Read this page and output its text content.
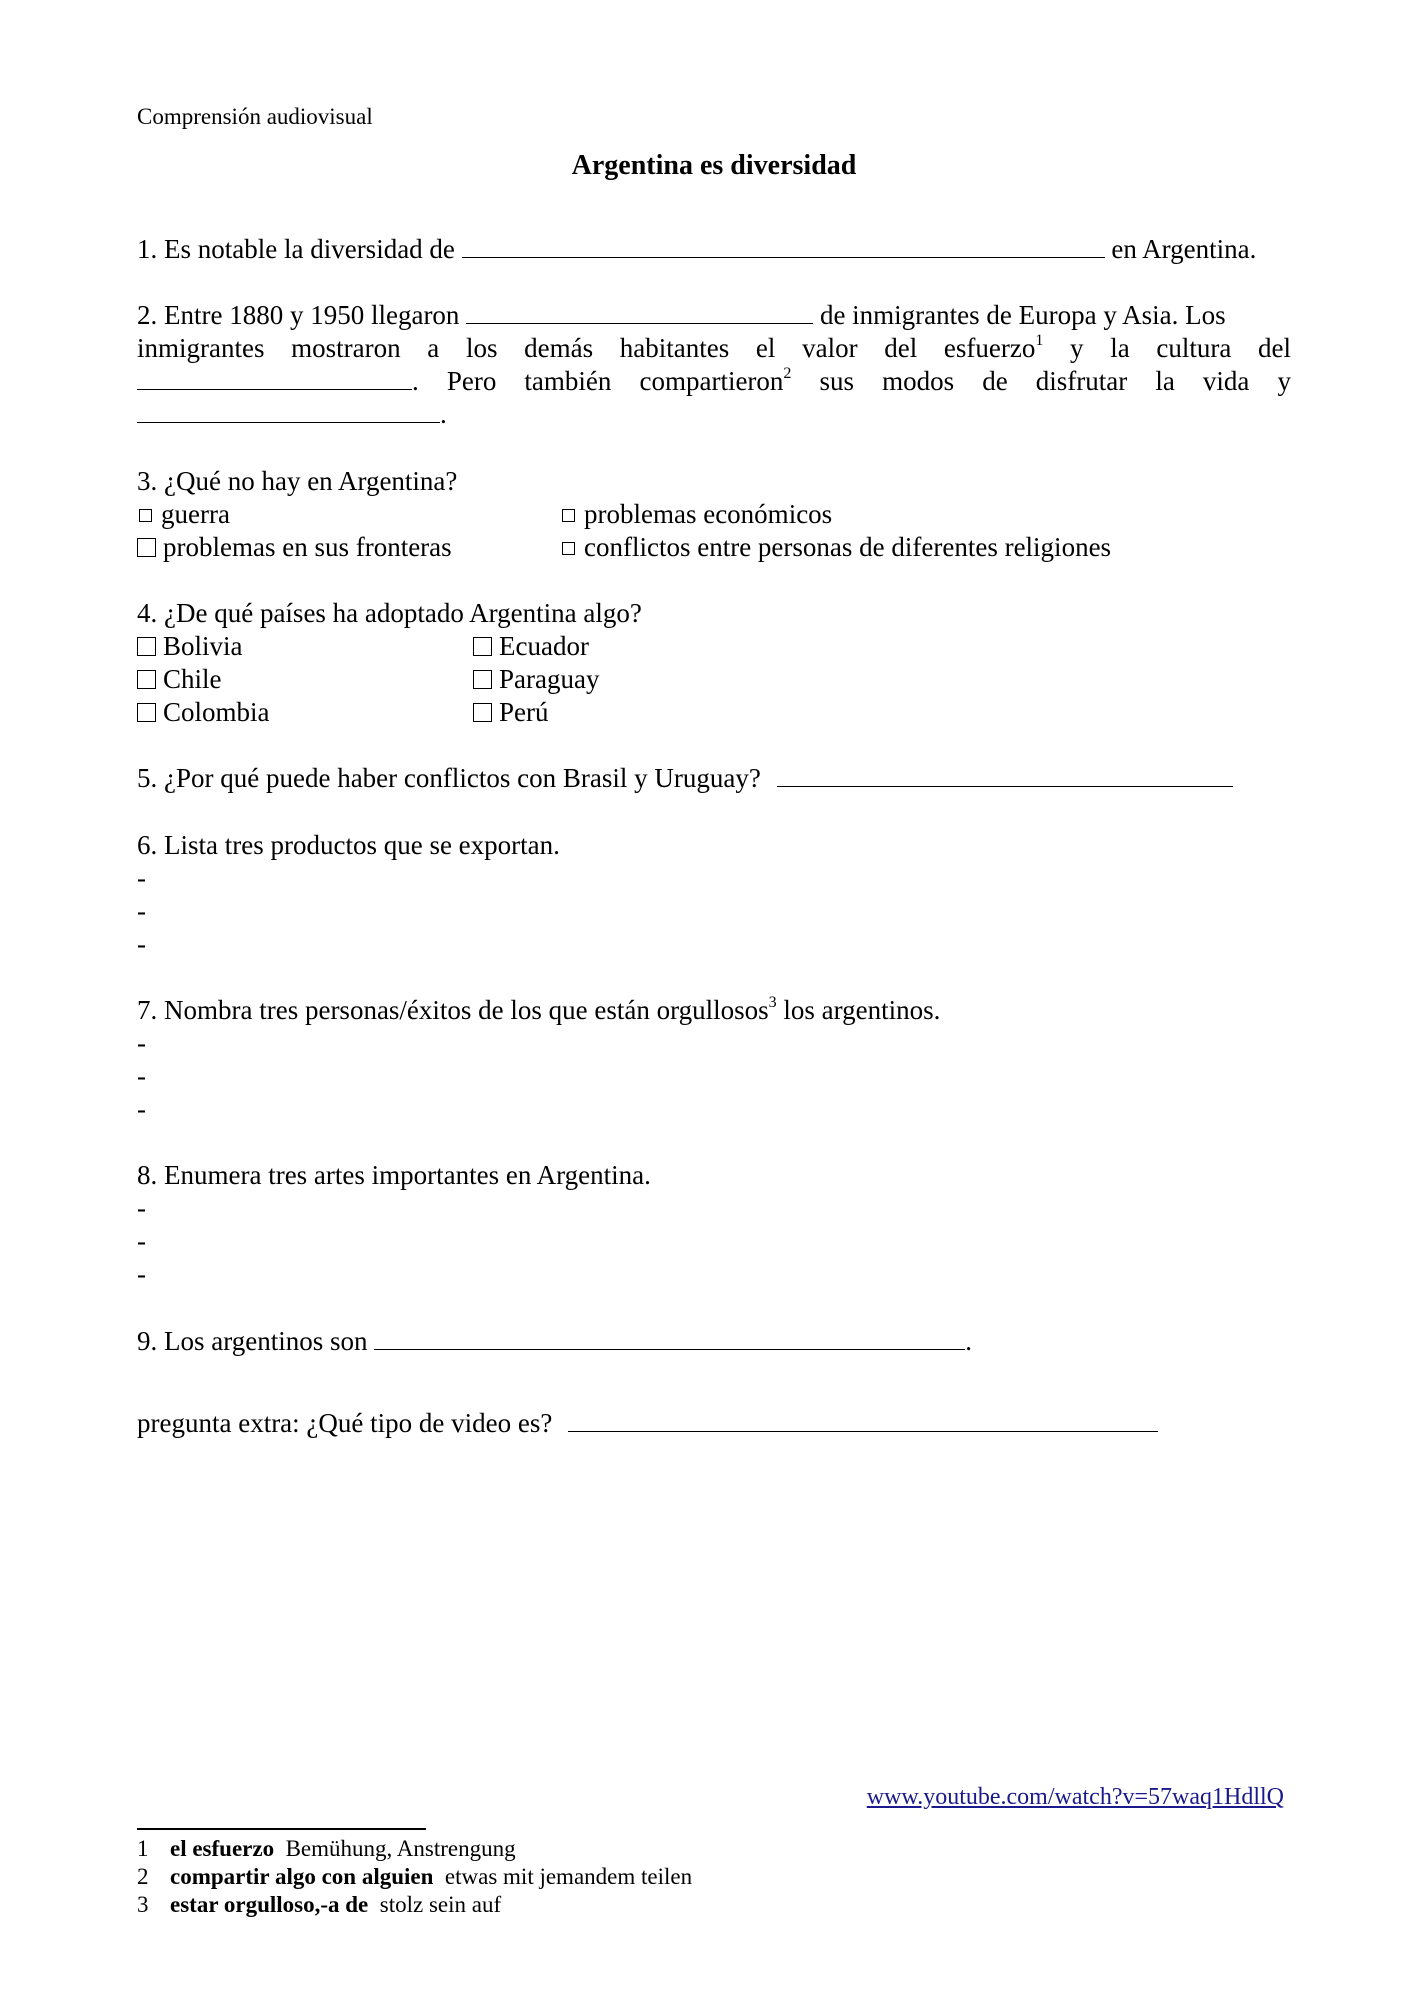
Comprensión audiovisual
Argentina es diversidad
1. Es notable la diversidad de	en Argentina.
2. Entre 1880 y 1950 llegaron	de inmigrantes de Europa y Asia. Los
inmigrantes mostraron a los demás habitantes el valor del esfuerzo$^1$ y la cultura del
. Pero también compartieron$^2$ sus modos de disfrutar la vida y
.
3. ¿Qué no hay en Argentina?
guerra	problemas económicos
problemas en sus fronteras	conflictos entre personas de diferentes religiones
4. ¿De qué países ha adoptado Argentina algo?
Bolivia	Ecuador
Chile	Paraguay
Colombia	Perú
5. ¿Por qué puede haber conflictos con Brasil y Uruguay?
6. Lista tres productos que se exportan.
-
-
-
7. Nombra tres personas/éxitos de los que están orgullosos$^3$ los argentinos.
-
-
-
8. Enumera tres artes importantes en Argentina.
-
-
-
9. Los argentinos son	.
pregunta extra: ¿Qué tipo de video es?
www.youtube.com/watch?v=57waq1HdllQ
1 el esfuerzo Bemühung, Anstrengung
2 compartir algo con alguien etwas mit jemandem teilen
3 estar orgulloso,-a de stolz sein auf
